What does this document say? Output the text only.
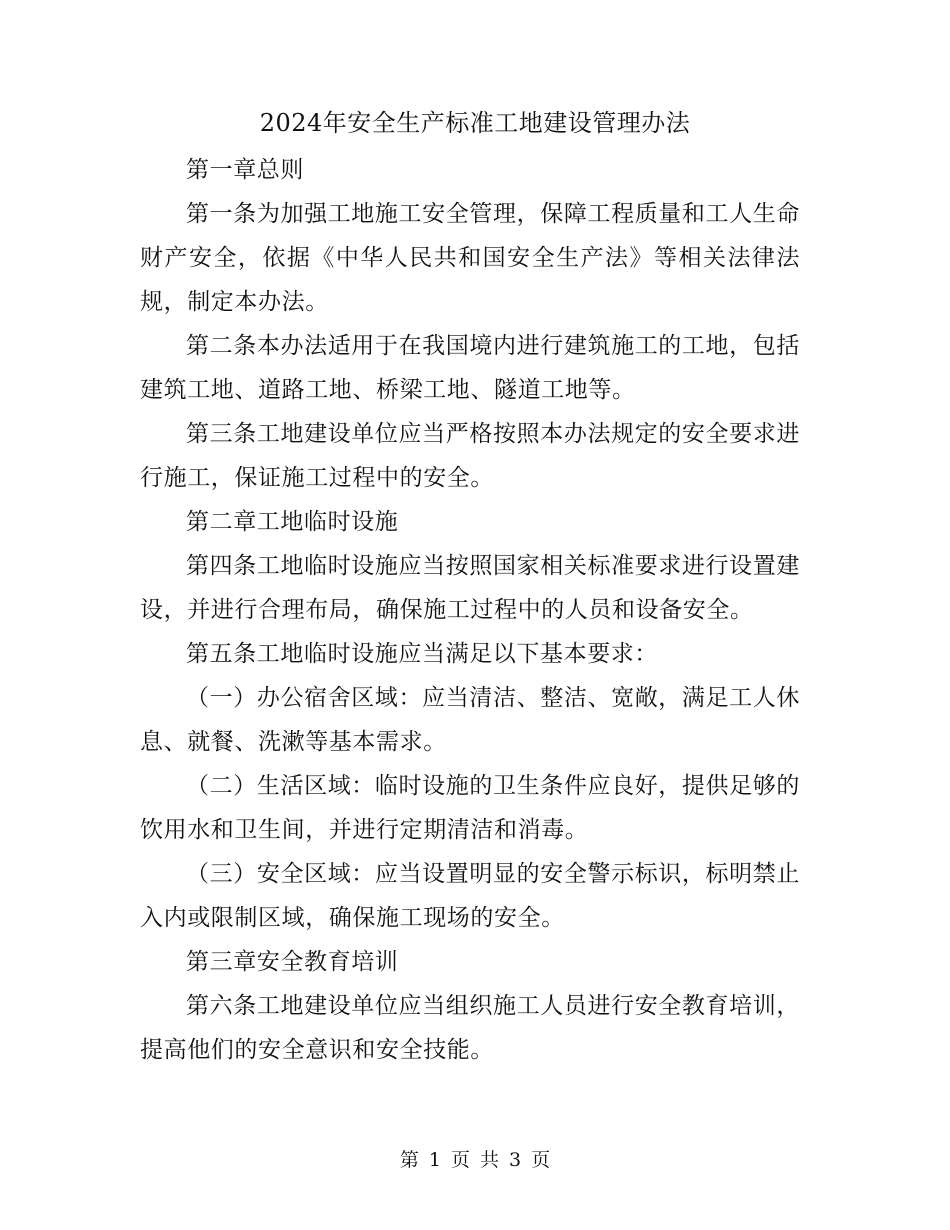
2024年安全生产标准工地建设管理办法

第一章总则

第一条为加强工地施工安全管理，保障工程质量和工人生命财产安全，依据《中华人民共和国安全生产法》等相关法律法规，制定本办法。

第二条本办法适用于在我国境内进行建筑施工的工地，包括建筑工地、道路工地、桥梁工地、隧道工地等。

第三条工地建设单位应当严格按照本办法规定的安全要求进行施工，保证施工过程中的安全。

第二章工地临时设施

第四条工地临时设施应当按照国家相关标准要求进行设置建设，并进行合理布局，确保施工过程中的人员和设备安全。

第五条工地临时设施应当满足以下基本要求：

（一）办公宿舍区域：应当清洁、整洁、宽敞，满足工人休息、就餐、洗漱等基本需求。

（二）生活区域：临时设施的卫生条件应良好，提供足够的饮用水和卫生间，并进行定期清洁和消毒。

（三）安全区域：应当设置明显的安全警示标识，标明禁止入内或限制区域，确保施工现场的安全。

第三章安全教育培训

第六条工地建设单位应当组织施工人员进行安全教育培训，提高他们的安全意识和安全技能。

第 1 页 共 3 页
